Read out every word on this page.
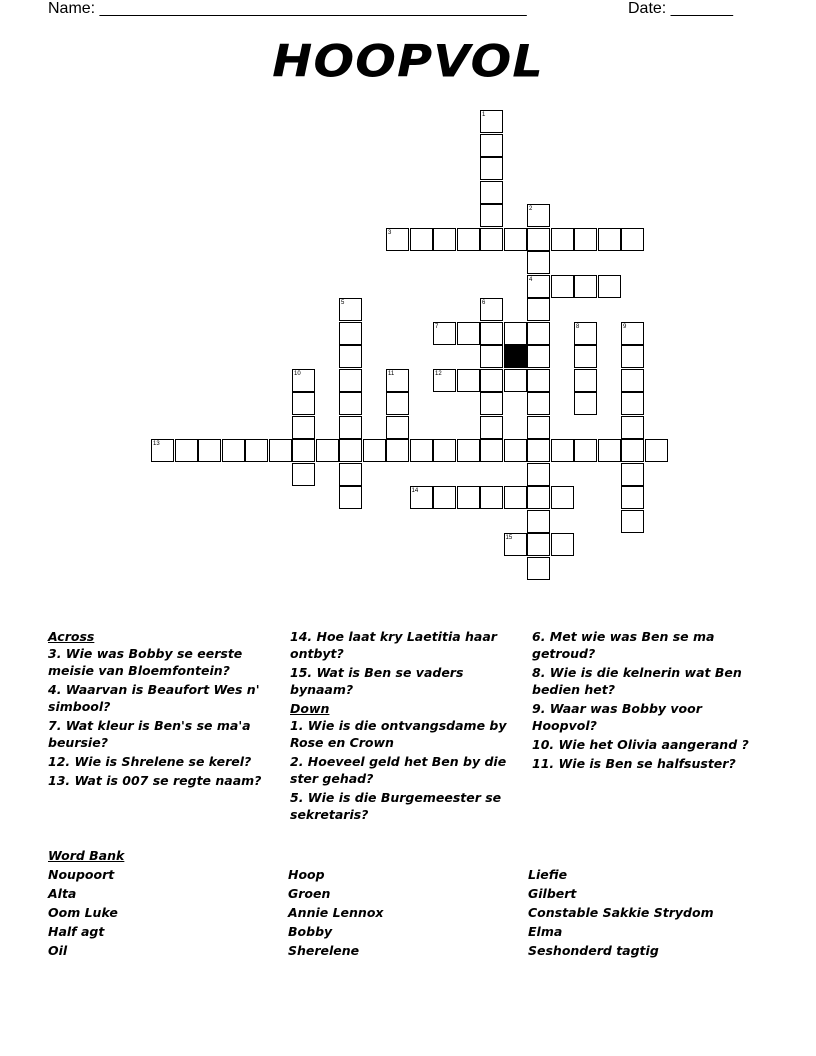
Name: ________________________________________________	Date: _______
HOOPVOL
1
2
3
4
5	6
7	8	9
10	11	12
13
14
15
Across
3. Wie was Bobby se eerste meisie van Bloemfontein?
4. Waarvan is Beaufort Wes n' simbool?
7. Wat kleur is Ben's se ma'a beursie?
12. Wie is Shrelene se kerel?
13. Wat is 007 se regte naam?
14. Hoe laat kry Laetitia haar ontbyt?
15. Wat is Ben se vaders bynaam?
Down
1. Wie is die ontvangsdame by Rose en Crown
2. Hoeveel geld het Ben by die ster gehad?
5. Wie is die Burgemeester se sekretaris?
6. Met wie was Ben se ma getroud?
8. Wie is die kelnerin wat Ben bedien het?
9. Waar was Bobby voor Hoopvol?
10. Wie het Olivia aangerand ?
11. Wie is Ben se halfsuster?
Word Bank
Noupoort
Alta
Oom Luke
Half agt
Oil
Hoop
Groen
Annie Lennox
Bobby
Sherelene
Liefie
Gilbert
Constable Sakkie Strydom
Elma
Seshonderd tagtig
